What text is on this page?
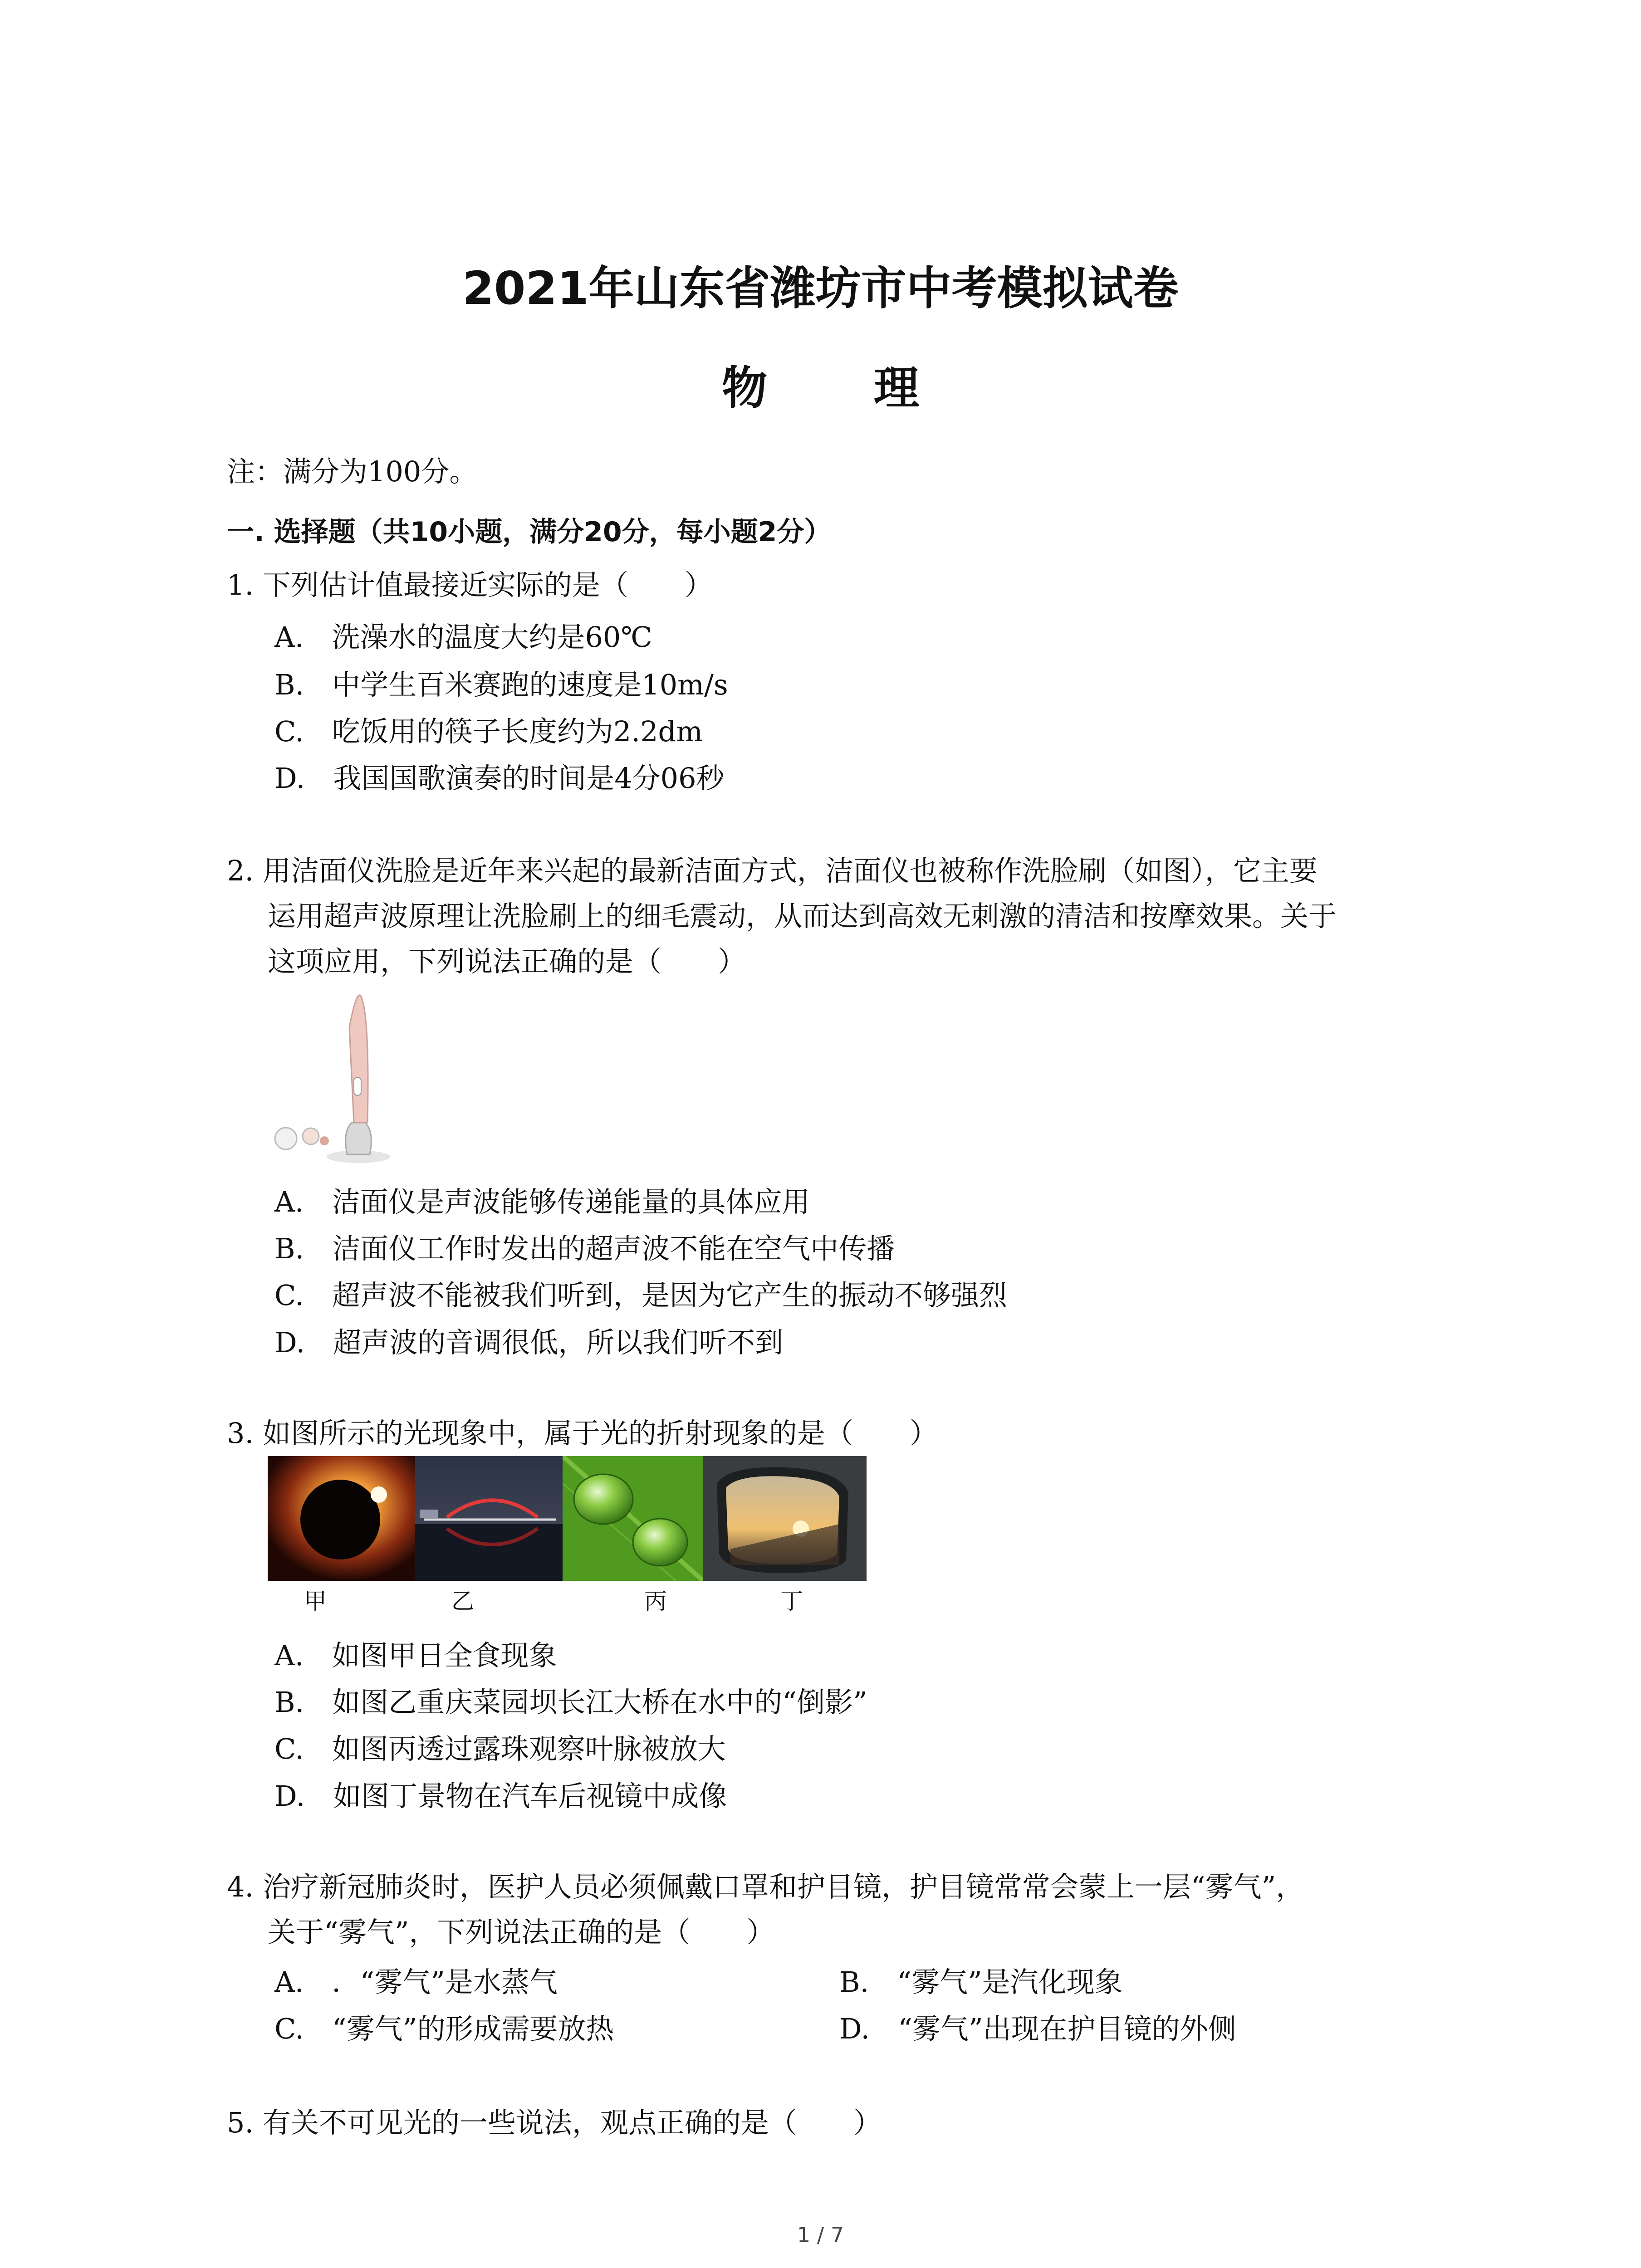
2021年山东省潍坊市中考模拟试卷
物 理
注：满分为100分。
一. 选择题（共10小题，满分20分，每小题2分）
1. 下列估计值最接近实际的是（　　）
A.　洗澡水的温度大约是60℃
B.　中学生百米赛跑的速度是10m/s
C.　吃饭用的筷子长度约为2.2dm
D.　我国国歌演奏的时间是4分06秒
2. 用洁面仪洗脸是近年来兴起的最新洁面方式，洁面仪也被称作洗脸刷（如图），它主要
运用超声波原理让洗脸刷上的细毛震动，从而达到高效无刺激的清洁和按摩效果。关于
这项应用，下列说法正确的是（　　）
A.　洁面仪是声波能够传递能量的具体应用
B.　洁面仪工作时发出的超声波不能在空气中传播
C.　超声波不能被我们听到，是因为它产生的振动不够强烈
D.　超声波的音调很低，所以我们听不到
3. 如图所示的光现象中，属于光的折射现象的是（　　）
甲	乙	丙	丁
A.　如图甲日全食现象
B.　如图乙重庆菜园坝长江大桥在水中的“倒影”
C.　如图丙透过露珠观察叶脉被放大
D.　如图丁景物在汽车后视镜中成像
4. 治疗新冠肺炎时，医护人员必须佩戴口罩和护目镜，护目镜常常会蒙上一层“雾气”，
关于“雾气”，下列说法正确的是（　　）
A.　．“雾气”是水蒸气	B.　“雾气”是汽化现象
C.　“雾气”的形成需要放热	D.　“雾气”出现在护目镜的外侧
5. 有关不可见光的一些说法，观点正确的是（　　）
1 / 7
